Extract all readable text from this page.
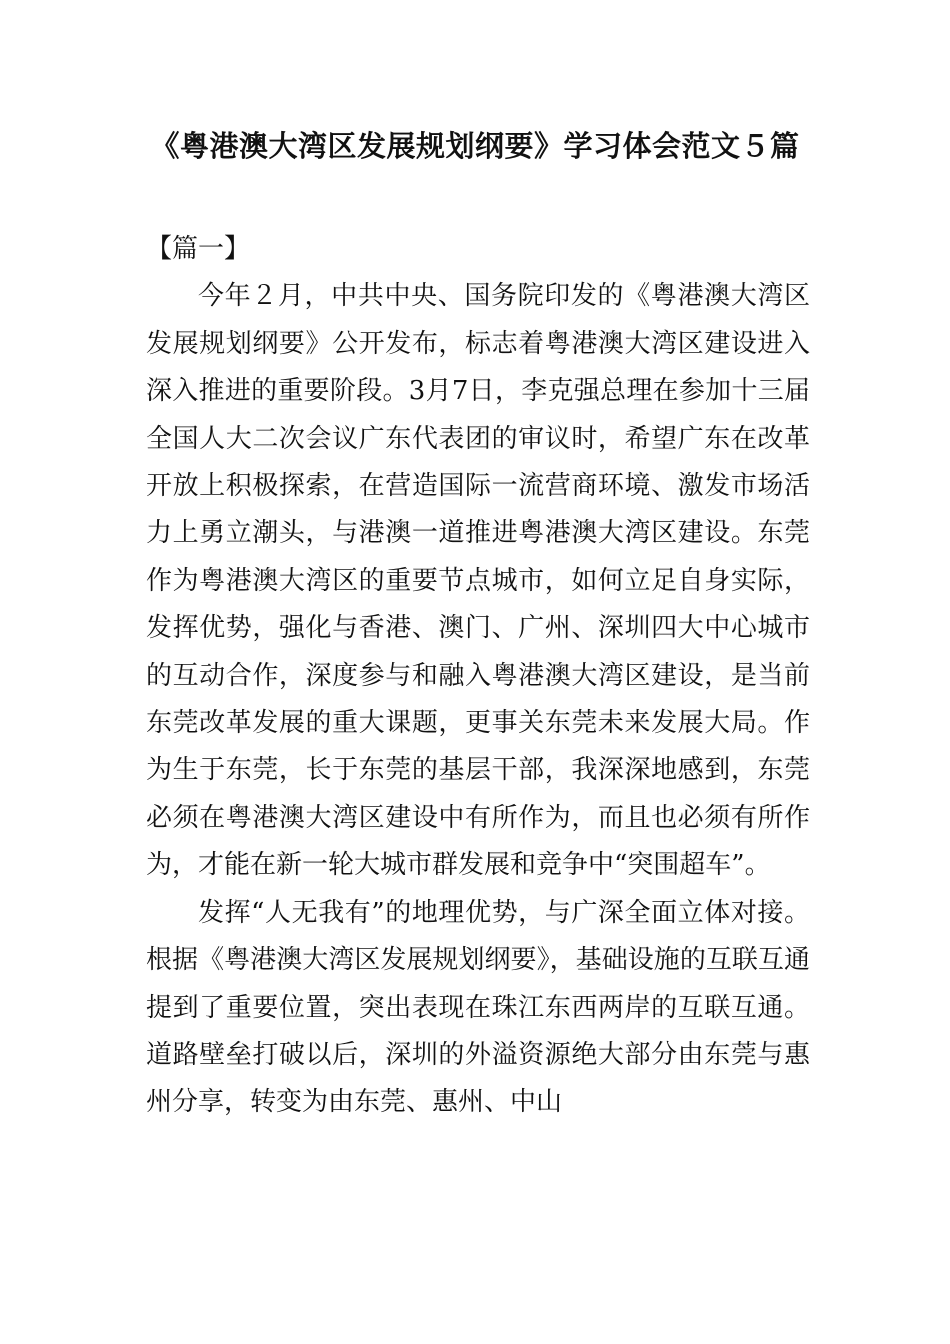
《粤港澳大湾区发展规划纲要》学习体会范文５篇
【篇一】

今年２月，中共中央、国务院印发的《粤港澳大湾区发展规划纲要》公开发布，标志着粤港澳大湾区建设进入深入推进的重要阶段。3月7日，李克强总理在参加十三届全国人大二次会议广东代表团的审议时，希望广东在改革开放上积极探索，在营造国际一流营商环境、激发市场活力上勇立潮头，与港澳一道推进粤港澳大湾区建设。东莞作为粤港澳大湾区的重要节点城市，如何立足自身实际，发挥优势，强化与香港、澳门、广州、深圳四大中心城市的互动合作，深度参与和融入粤港澳大湾区建设，是当前东莞改革发展的重大课题，更事关东莞未来发展大局。作为生于东莞，长于东莞的基层干部，我深深地感到，东莞必须在粤港澳大湾区建设中有所作为，而且也必须有所作为，才能在新一轮大城市群发展和竞争中“突围超车”。

发挥“人无我有”的地理优势，与广深全面立体对接。根据《粤港澳大湾区发展规划纲要》，基础设施的互联互通提到了重要位置，突出表现在珠江东西两岸的互联互通。道路壁垒打破以后，深圳的外溢资源绝大部分由东莞与惠州分享，转变为由东莞、惠州、中山
